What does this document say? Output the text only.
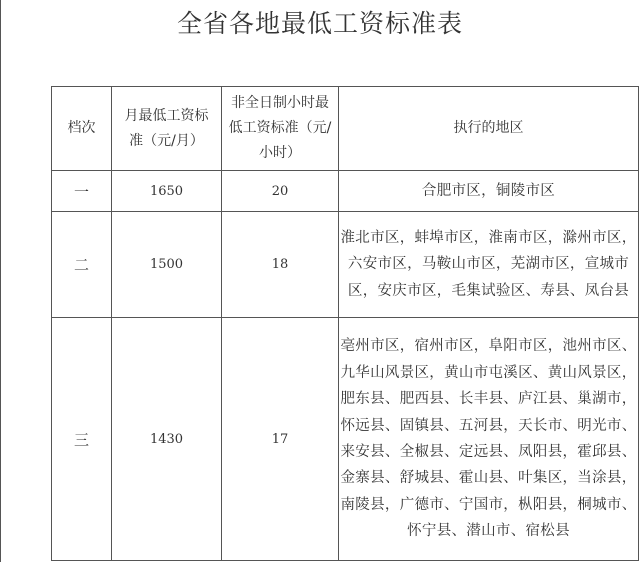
全省各地最低工资标准表
档次	月最低工资标准（元/月）	非全日制小时最低工资标准（元/小时）	执行的地区
一	1650	20	合肥市区，铜陵市区
二	1500	18	淮北市区，蚌埠市区，淮南市区，滁州市区，六安市区，马鞍山市区，芜湖市区，宣城市区，安庆市区，毛集试验区、寿县、凤台县
三	1430	17	亳州市区，宿州市区，阜阳市区，池州市区、九华山风景区，黄山市屯溪区、黄山风景区，肥东县、肥西县、长丰县、庐江县、巢湖市，怀远县、固镇县、五河县，天长市、明光市、来安县、全椒县、定远县、凤阳县，霍邱县、金寨县、舒城县、霍山县、叶集区，当涂县，南陵县，广德市、宁国市，枞阳县，桐城市、怀宁县、潜山市、宿松县
